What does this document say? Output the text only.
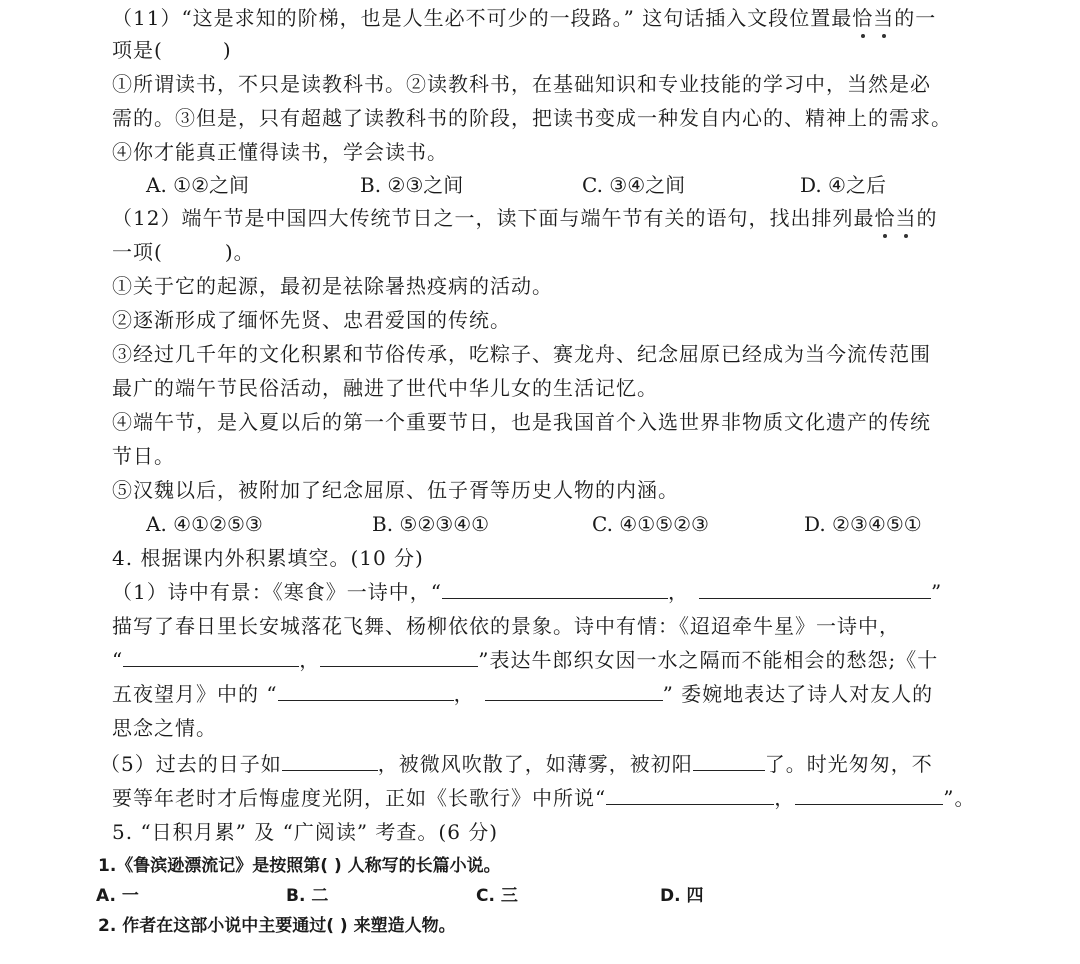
（11）“这是求知的阶梯，也是人生必不可少的一段路。” 这句话插入文段位置最恰当的一
项是(	)
①所谓读书，不只是读教科书。②读教科书，在基础知识和专业技能的学习中，当然是必
需的。③但是，只有超越了读教科书的阶段，把读书变成一种发自内心的、精神上的需求。
④你才能真正懂得读书，学会读书。
A. ①②之间	B. ②③之间	C. ③④之间	D. ④之后
（12）端午节是中国四大传统节日之一，读下面与端午节有关的语句，找出排列最恰当的
一项(	)。
①关于它的起源，最初是祛除暑热疫病的活动。
②逐渐形成了缅怀先贤、忠君爱国的传统。
③经过几千年的文化积累和节俗传承，吃粽子、赛龙舟、纪念屈原已经成为当今流传范围
最广的端午节民俗活动，融进了世代中华儿女的生活记忆。
④端午节，是入夏以后的第一个重要节日，也是我国首个入选世界非物质文化遗产的传统
节日。
⑤汉魏以后，被附加了纪念屈原、伍子胥等历史人物的内涵。
A. ④①②⑤③	B. ⑤②③④①	C. ④①⑤②③	D. ②③④⑤①
4. 根据课内外积累填空。(10 分)
（1）诗中有景：《寒食》一诗中，“	，	”
描写了春日里长安城落花飞舞、杨柳依依的景象。诗中有情：《迢迢牵牛星》一诗中，
“	，	”表达牛郎织女因一水之隔而不能相会的愁怨;《十
五夜望月》中的 “	，	” 委婉地表达了诗人对友人的
思念之情。
（5）过去的日子如	，被微风吹散了，如薄雾，被初阳	了。时光匆匆，不
要等年老时才后悔虚度光阴，正如《长歌行》中所说“	，	”。
5. “日积月累” 及 “广阅读” 考查。(6 分)
1.《鲁滨逊漂流记》是按照第( ) 人称写的长篇小说。
A. 一	B. 二	C. 三	D. 四
2. 作者在这部小说中主要通过( ) 来塑造人物。
